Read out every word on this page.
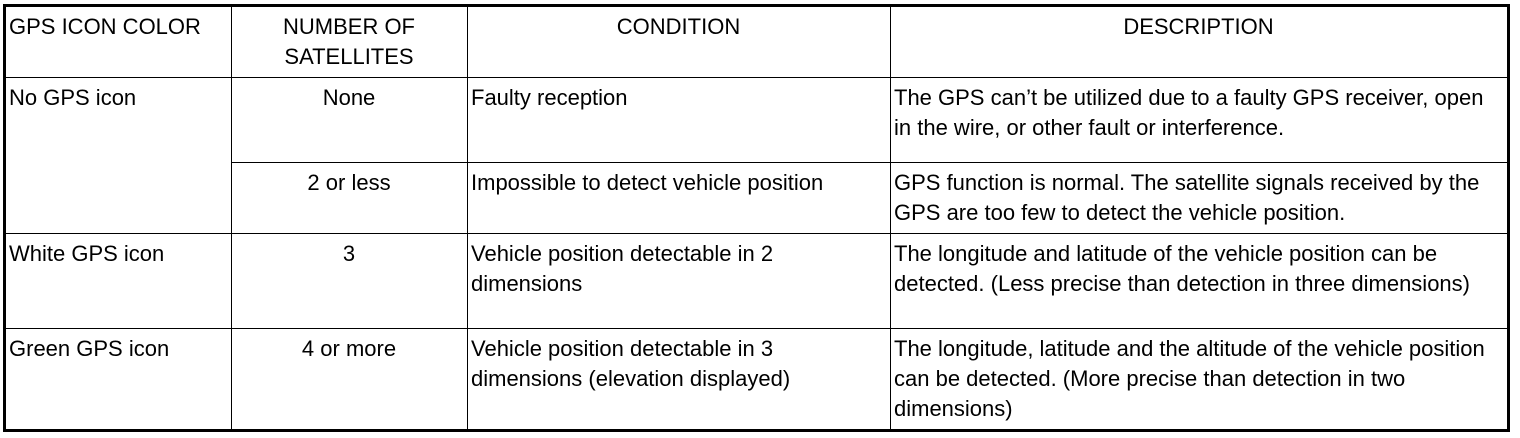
GPS ICON COLOR	NUMBER OF SATELLITES	CONDITION	DESCRIPTION
No GPS icon	None	Faulty reception	The GPS can’t be utilized due to a faulty GPS receiver, open in the wire, or other fault or interference.
	2 or less	Impossible to detect vehicle position	GPS function is normal. The satellite signals received by the GPS are too few to detect the vehicle position.
White GPS icon	3	Vehicle position detectable in 2 dimensions	The longitude and latitude of the vehicle position can be detected. (Less precise than detection in three dimensions)
Green GPS icon	4 or more	Vehicle position detectable in 3 dimensions (elevation displayed)	The longitude, latitude and the altitude of the vehicle position can be detected. (More precise than detection in two dimensions)
